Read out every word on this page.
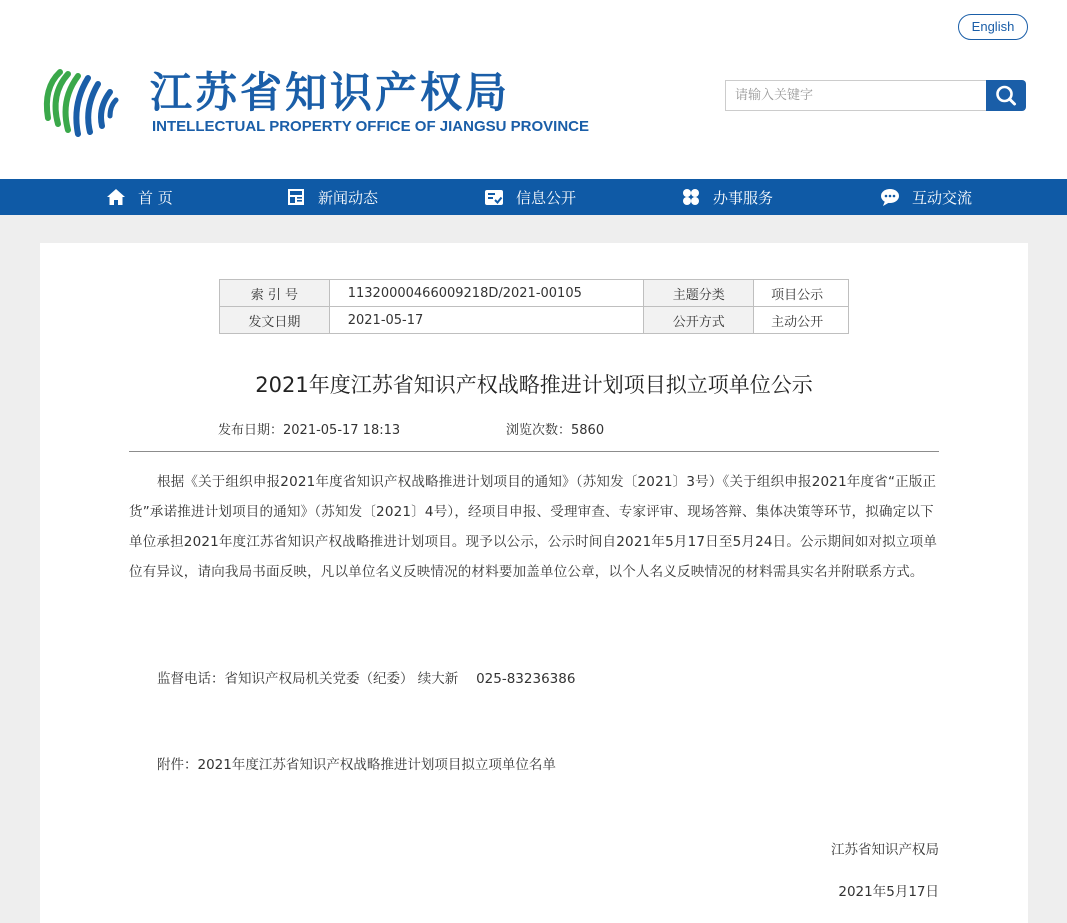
江苏省知识产权局
INTELLECTUAL PROPERTY OFFICE OF JIANGSU PROVINCE
English
请输入关键字
首 页	新闻动态	信息公开	办事服务	互动交流
索 引 号	11320000466009218D/2021-00105	主题分类	项目公示
发文日期	2021-05-17	公开方式	主动公开
2021年度江苏省知识产权战略推进计划项目拟立项单位公示
发布日期：2021-05-17 18:13	浏览次数：5860

根据《关于组织申报2021年度省知识产权战略推进计划项目的通知》（苏知发〔2021〕3号）《关于组织申报2021年度省“正版正货”承诺推进计划项目的通知》（苏知发〔2021〕4号），经项目申报、受理审查、专家评审、现场答辩、集体决策等环节，拟确定以下单位承担2021年度江苏省知识产权战略推进计划项目。现予以公示，公示时间自2021年5月17日至5月24日。公示期间如对拟立项单位有异议，请向我局书面反映，凡以单位名义反映情况的材料要加盖单位公章，以个人名义反映情况的材料需具实名并附联系方式。

监督电话：省知识产权局机关党委（纪委） 续大新　 025-83236386
附件：2021年度江苏省知识产权战略推进计划项目拟立项单位名单
江苏省知识产权局
2021年5月17日
